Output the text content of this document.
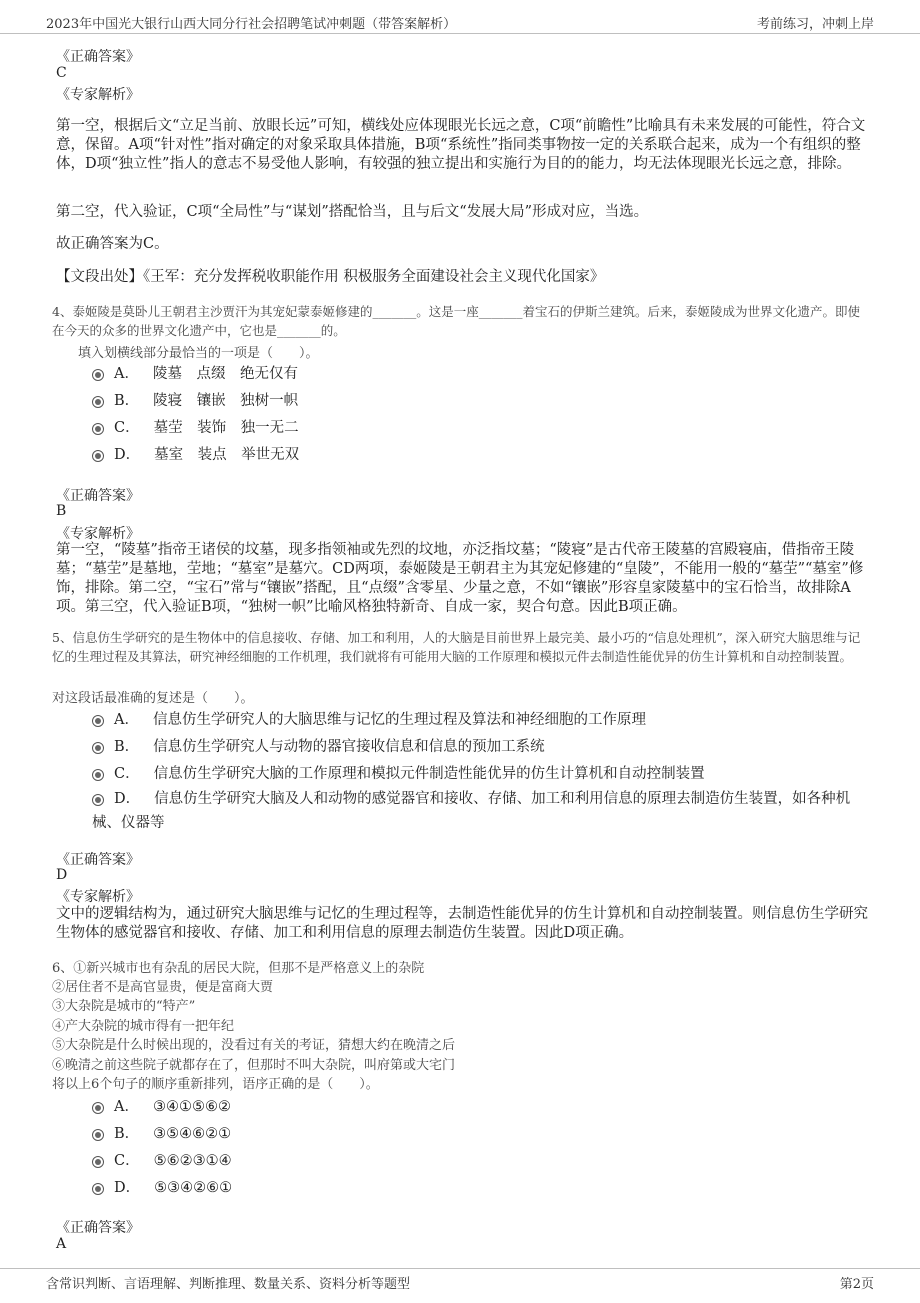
2023年中国光大银行山西大同分行社会招聘笔试冲刺题（带答案解析）	考前练习，冲刺上岸
《正确答案》
C
《专家解析》
第一空，根据后文“立足当前、放眼长远”可知，横线处应体现眼光长远之意，C项“前瞻性”比喻具有未来发展的可能性，符合文意，保留。A项“针对性”指对确定的对象采取具体措施，B项“系统性”指同类事物按一定的关系联合起来，成为一个有组织的整体，D项“独立性”指人的意志不易受他人影响，有较强的独立提出和实施行为目的的能力，均无法体现眼光长远之意，排除。
第二空，代入验证，C项“全局性”与“谋划”搭配恰当，且与后文“发展大局”形成对应，当选。
故正确答案为C。
【文段出处】《王军：充分发挥税收职能作用 积极服务全面建设社会主义现代化国家》
4、泰姬陵是莫卧儿王朝君主沙贾汗为其宠妃蒙泰姬修建的_______。这是一座_______着宝石的伊斯兰建筑。后来，泰姬陵成为世界文化遗产。即使在今天的众多的世界文化遗产中，它也是_______的。
填入划横线部分最恰当的一项是（　　）。
A． 陵墓　点缀　绝无仅有
B． 陵寝　镶嵌　独树一帜
C． 墓茔　装饰　独一无二
D． 墓室　装点　举世无双
《正确答案》
B
《专家解析》
第一空，“陵墓”指帝王诸侯的坟墓，现多指领袖或先烈的坟地，亦泛指坟墓；“陵寝”是古代帝王陵墓的宫殿寝庙，借指帝王陵墓；“墓茔”是墓地，茔地；“墓室”是墓穴。CD两项，泰姬陵是王朝君主为其宠妃修建的“皇陵”，不能用一般的“墓茔”“墓室”修饰，排除。第二空，“宝石”常与“镶嵌”搭配，且“点缀”含零星、少量之意，不如“镶嵌”形容皇家陵墓中的宝石恰当，故排除A项。第三空，代入验证B项，“独树一帜”比喻风格独特新奇、自成一家，契合句意。因此B项正确。
5、信息仿生学研究的是生物体中的信息接收、存储、加工和利用，人的大脑是目前世界上最完美、最小巧的“信息处理机”，深入研究大脑思维与记忆的生理过程及其算法，研究神经细胞的工作机理，我们就将有可能用大脑的工作原理和模拟元件去制造性能优异的仿生计算机和自动控制装置。
对这段话最准确的复述是（　　）。
A． 信息仿生学研究人的大脑思维与记忆的生理过程及算法和神经细胞的工作原理
B． 信息仿生学研究人与动物的器官接收信息和信息的预加工系统
C． 信息仿生学研究大脑的工作原理和模拟元件制造性能优异的仿生计算机和自动控制装置
D． 信息仿生学研究大脑及人和动物的感觉器官和接收、存储、加工和利用信息的原理去制造仿生装置，如各种机械、仪器等
《正确答案》
D
《专家解析》
文中的逻辑结构为，通过研究大脑思维与记忆的生理过程等，去制造性能优异的仿生计算机和自动控制装置。则信息仿生学研究生物体的感觉器官和接收、存储、加工和利用信息的原理去制造仿生装置。因此D项正确。
6、①新兴城市也有杂乱的居民大院，但那不是严格意义上的杂院
②居住者不是高官显贵，便是富商大贾
③大杂院是城市的“特产”
④产大杂院的城市得有一把年纪
⑤大杂院是什么时候出现的，没看过有关的考证，猜想大约在晚清之后
⑥晚清之前这些院子就都存在了，但那时不叫大杂院，叫府第或大宅门
将以上6个句子的顺序重新排列，语序正确的是（　　）。
A． ③④①⑤⑥②
B． ③⑤④⑥②①
C． ⑤⑥②③①④
D． ⑤③④②⑥①
《正确答案》
A
含常识判断、言语理解、判断推理、数量关系、资料分析等题型	第2页
